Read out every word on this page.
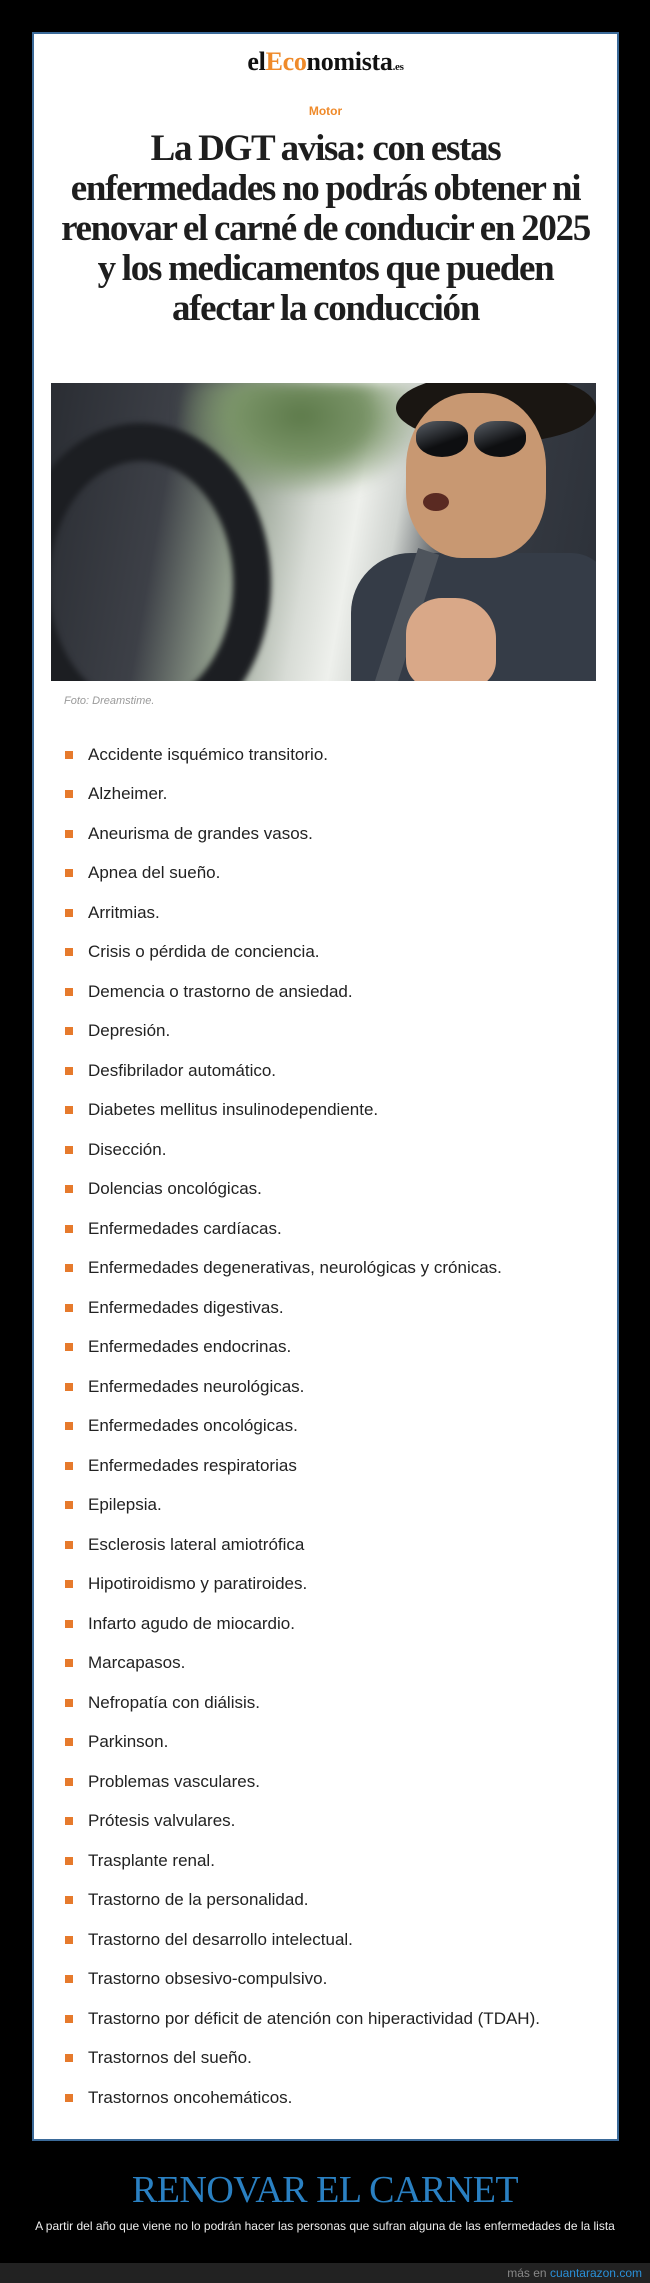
elEconomista.es
Motor
La DGT avisa: con estas
enfermedades no podrás obtener ni
renovar el carné de conducir en 2025
y los medicamentos que pueden
afectar la conducción
Foto: Dreamstime.
Accidente isquémico transitorio.
Alzheimer.
Aneurisma de grandes vasos.
Apnea del sueño.
Arritmias.
Crisis o pérdida de conciencia.
Demencia o trastorno de ansiedad.
Depresión.
Desfibrilador automático.
Diabetes mellitus insulinodependiente.
Disección.
Dolencias oncológicas.
Enfermedades cardíacas.
Enfermedades degenerativas, neurológicas y crónicas.
Enfermedades digestivas.
Enfermedades endocrinas.
Enfermedades neurológicas.
Enfermedades oncológicas.
Enfermedades respiratorias
Epilepsia.
Esclerosis lateral amiotrófica
Hipotiroidismo y paratiroides.
Infarto agudo de miocardio.
Marcapasos.
Nefropatía con diálisis.
Parkinson.
Problemas vasculares.
Prótesis valvulares.
Trasplante renal.
Trastorno de la personalidad.
Trastorno del desarrollo intelectual.
Trastorno obsesivo-compulsivo.
Trastorno por déficit de atención con hiperactividad (TDAH).
Trastornos del sueño.
Trastornos oncohemáticos.
RENOVAR EL CARNET
A partir del año que viene no lo podrán hacer las personas que sufran alguna de las enfermedades de la lista
más en cuantarazon.com
